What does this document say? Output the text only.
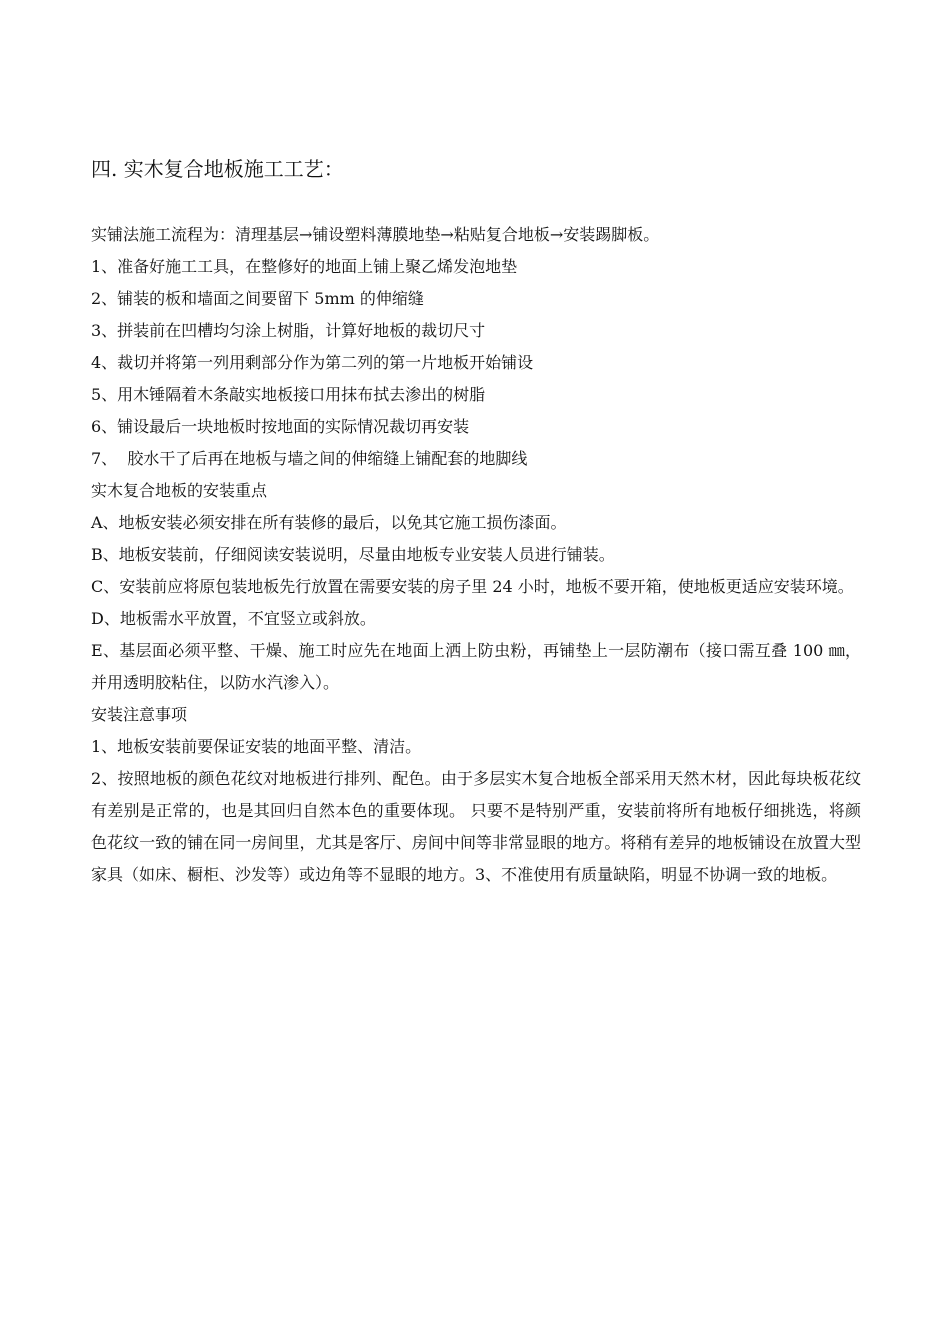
四. 实木复合地板施工工艺：

实铺法施工流程为：清理基层→铺设塑料薄膜地垫→粘贴复合地板→安装踢脚板。

1、准备好施工工具，在整修好的地面上铺上聚乙烯发泡地垫

2、铺装的板和墙面之间要留下 5mm 的伸缩缝

3、拼装前在凹槽均匀涂上树脂，计算好地板的裁切尺寸

4、裁切并将第一列用剩部分作为第二列的第一片地板开始铺设

5、用木锤隔着木条敲实地板接口用抹布拭去渗出的树脂

6、铺设最后一块地板时按地面的实际情况裁切再安装

7、  胶水干了后再在地板与墙之间的伸缩缝上铺配套的地脚线

实木复合地板的安装重点

A、地板安装必须安排在所有装修的最后，以免其它施工损伤漆面。

B、地板安装前，仔细阅读安装说明，尽量由地板专业安装人员进行铺装。

C、安装前应将原包装地板先行放置在需要安装的房子里 24 小时，地板不要开箱，使地板更适应安装环境。

D、地板需水平放置，不宜竖立或斜放。

E、基层面必须平整、干燥、施工时应先在地面上洒上防虫粉，再铺垫上一层防潮布（接口需互叠 100 ㎜，并用透明胶粘住，以防水汽渗入）。

安装注意事项

1、地板安装前要保证安装的地面平整、清洁。

2、按照地板的颜色花纹对地板进行排列、配色。由于多层实木复合地板全部采用天然木材，因此每块板花纹有差别是正常的，也是其回归自然本色的重要体现。 只要不是特别严重，安装前将所有地板仔细挑选，将颜色花纹一致的铺在同一房间里，尤其是客厅、房间中间等非常显眼的地方。将稍有差异的地板铺设在放置大型 家具（如床、橱柜、沙发等）或边角等不显眼的地方。3、不准使用有质量缺陷，明显不协调一致的地板。
